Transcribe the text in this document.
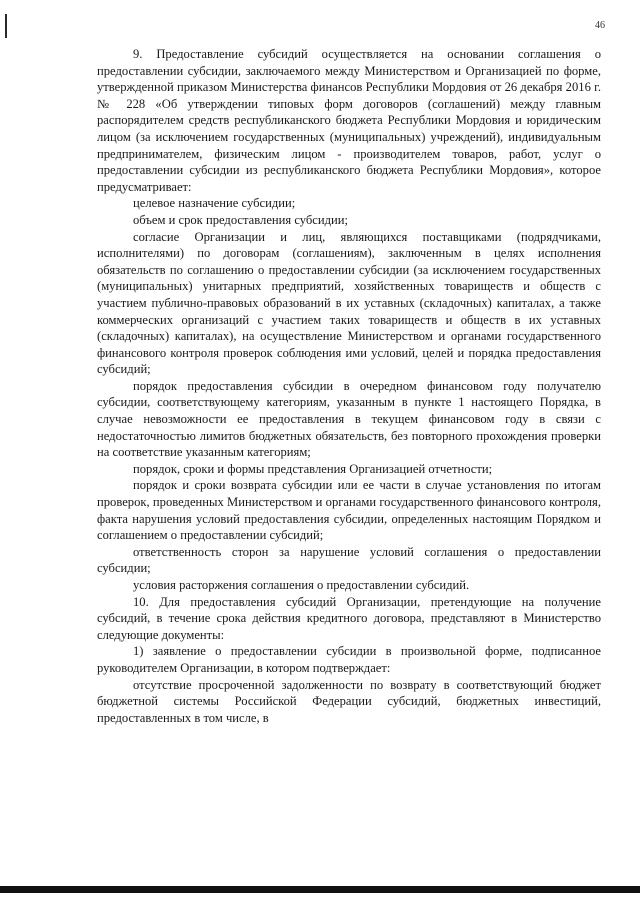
46

9. Предоставление субсидий осуществляется на основании соглашения о предоставлении субсидии, заключаемого между Министерством и Организацией по форме, утвержденной приказом Министерства финансов Республики Мордовия от 26 декабря 2016 г. № 228 «Об утверждении типовых форм договоров (соглашений) между главным распорядителем средств республиканского бюджета Республики Мордовия и юридическим лицом (за исключением государственных (муниципальных) учреждений), индивидуальным предпринимателем, физическим лицом - производителем товаров, работ, услуг о предоставлении субсидии из республиканского бюджета Республики Мордовия», которое предусматривает:

целевое назначение субсидии;

объем и срок предоставления субсидии;

согласие Организации и лиц, являющихся поставщиками (подрядчиками, исполнителями) по договорам (соглашениям), заключенным в целях исполнения обязательств по соглашению о предоставлении субсидии (за исключением государственных (муниципальных) унитарных предприятий, хозяйственных товариществ и обществ с участием публично-правовых образований в их уставных (складочных) капиталах, а также коммерческих организаций с участием таких товариществ и обществ в их уставных (складочных) капиталах), на осуществление Министерством и органами государственного финансового контроля проверок соблюдения ими условий, целей и порядка предоставления субсидий;

порядок предоставления субсидии в очередном финансовом году получателю субсидии, соответствующему категориям, указанным в пункте 1 настоящего Порядка, в случае невозможности ее предоставления в текущем финансовом году в связи с недостаточностью лимитов бюджетных обязательств, без повторного прохождения проверки на соответствие указанным категориям;

порядок, сроки и формы представления Организацией отчетности;

порядок и сроки возврата субсидии или ее части в случае установления по итогам проверок, проведенных Министерством и органами государственного финансового контроля, факта нарушения условий предоставления субсидии, определенных настоящим Порядком и соглашением о предоставлении субсидий;

ответственность сторон за нарушение условий соглашения о предоставлении субсидии;

условия расторжения соглашения о предоставлении субсидий.

10. Для предоставления субсидий Организации, претендующие на получение субсидий, в течение срока действия кредитного договора, представляют в Министерство следующие документы:

1) заявление о предоставлении субсидии в произвольной форме, подписанное руководителем Организации, в котором подтверждает:

отсутствие просроченной задолженности по возврату в соответствующий бюджет бюджетной системы Российской Федерации субсидий, бюджетных инвестиций, предоставленных в том числе, в
